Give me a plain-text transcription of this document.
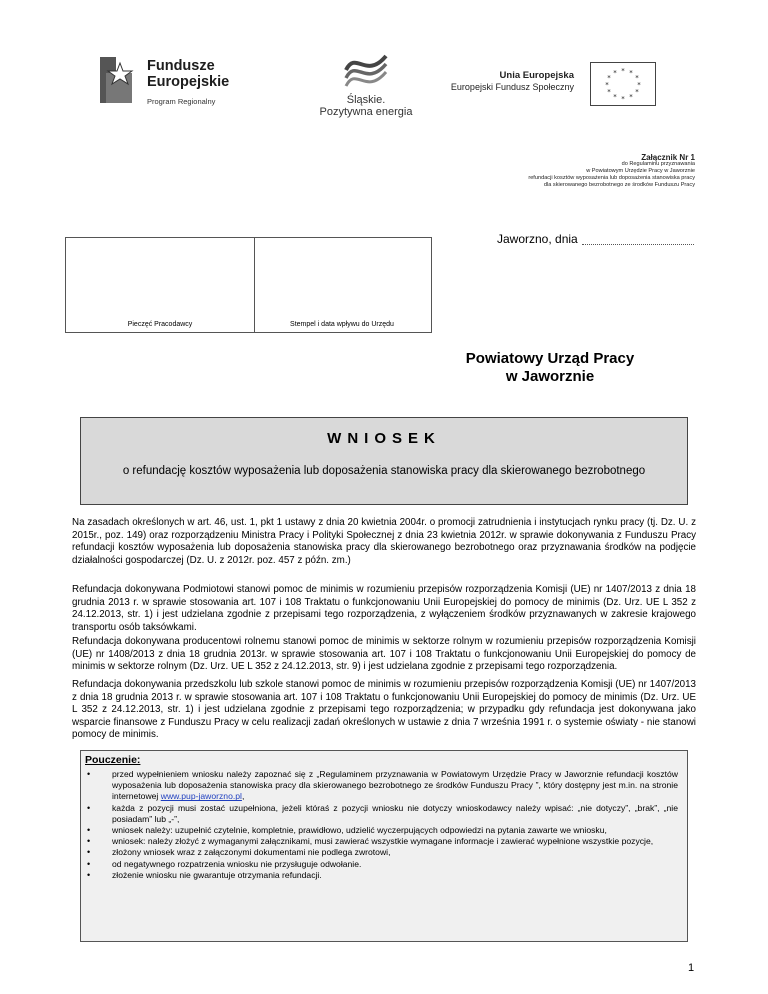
Fundusze
Europejskie
Program Regionalny	Śląskie.
Pozytywna energia
Unia Europejska
Europejski Fundusz Społeczny
* *
*
*
*
*
*
*
*
*
*
*
Załącznik Nr 1
do Regulaminu przyznawania
w Powiatowym Urzędzie Pracy w Jaworznie
refundacji kosztów wyposażenia lub doposażenia stanowiska pracy
dla skierowanego bezrobotnego ze środków Funduszu Pracy
Pieczęć Pracodawcy	Stempel i data wpływu do Urzędu
Jaworzno, dnia
Powiatowy Urząd Pracy
w Jaworznie
WNIOSEK
o refundację kosztów wyposażenia lub doposażenia stanowiska pracy dla skierowanego bezrobotnego
Na zasadach określonych w art. 46, ust. 1, pkt 1 ustawy z dnia 20 kwietnia 2004r. o promocji zatrudnienia i instytucjach rynku pracy (tj. Dz. U. z 2015r., poz. 149) oraz rozporządzeniu Ministra Pracy i Polityki Społecznej z dnia 23 kwietnia 2012r. w sprawie dokonywania z Funduszu Pracy refundacji kosztów wyposażenia lub doposażenia stanowiska pracy dla skierowanego bezrobotnego oraz przyznawania środków na podjęcie działalności gospodarczej (Dz. U. z 2012r. poz. 457 z późn. zm.)
Refundacja dokonywana Podmiotowi stanowi pomoc de minimis w rozumieniu przepisów rozporządzenia Komisji (UE) nr 1407/2013 z dnia 18 grudnia 2013 r. w sprawie stosowania art. 107 i 108 Traktatu o funkcjonowaniu Unii Europejskiej do pomocy de minimis (Dz. Urz. UE L 352 z 24.12.2013, str. 1) i jest udzielana zgodnie z przepisami tego rozporządzenia, z wyłączeniem środków przyznawanych w zakresie krajowego transportu osób taksówkami.
Refundacja dokonywana producentowi rolnemu stanowi pomoc de minimis w sektorze rolnym w rozumieniu przepisów rozporządzenia Komisji (UE) nr 1408/2013 z dnia 18 grudnia 2013r. w sprawie stosowania art. 107 i 108 Traktatu o funkcjonowaniu Unii Europejskiej do pomocy de minimis w sektorze rolnym (Dz. Urz. UE L 352 z 24.12.2013, str. 9) i jest udzielana zgodnie z przepisami tego rozporządzenia.
Refundacja dokonywania przedszkolu lub szkole stanowi pomoc de minimis w rozumieniu przepisów rozporządzenia Komisji (UE) nr 1407/2013 z dnia 18 grudnia 2013 r. w sprawie stosowania art. 107 i 108 Traktatu o funkcjonowaniu Unii Europejskiej do pomocy de minimis (Dz. Urz. UE L 352 z 24.12.2013, str. 1) i jest udzielana zgodnie z przepisami tego rozporządzenia; w przypadku gdy refundacja jest dokonywana jako wsparcie finansowe z Funduszu Pracy w celu realizacji zadań określonych w ustawie z dnia 7 września 1991 r. o systemie oświaty - nie stanowi pomocy de minimis.
Pouczenie:
• przed wypełnieniem wniosku należy zapoznać się z „Regulaminem przyznawania w Powiatowym Urzędzie Pracy w Jaworznie refundacji kosztów wyposażenia lub doposażenia stanowiska pracy dla skierowanego bezrobotnego ze środków Funduszu Pracy ”, który dostępny jest m.in. na stronie internetowej www.pup-jaworzno.pl,
• każda z pozycji musi zostać uzupełniona, jeżeli któraś z pozycji wniosku nie dotyczy wnioskodawcy należy wpisać: „nie dotyczy”, „brak”, „nie posiadam” lub „-”,
• wniosek należy: uzupełnić czytelnie, kompletnie, prawidłowo, udzielić wyczerpujących odpowiedzi na pytania zawarte we wniosku,
• wniosek: należy złożyć z wymaganymi załącznikami, musi zawierać wszystkie wymagane informacje i zawierać wypełnione wszystkie pozycje,
• złożony wniosek wraz z załączonymi dokumentami nie podlega zwrotowi,
• od negatywnego rozpatrzenia wniosku nie przysługuje odwołanie.
• złożenie wniosku nie gwarantuje otrzymania refundacji.
1
